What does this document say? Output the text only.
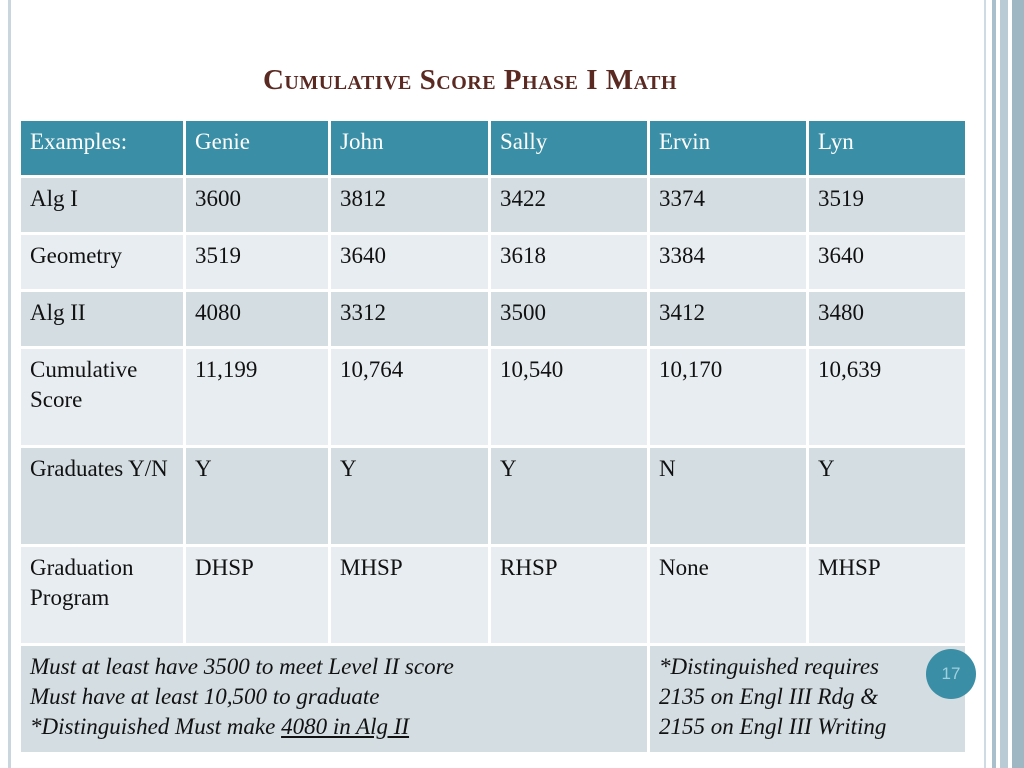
Cumulative Score Phase I Math
Examples:	Genie	John	Sally	Ervin	Lyn
Alg I	3600	3812	3422	3374	3519
Geometry	3519	3640	3618	3384	3640
Alg II	4080	3312	3500	3412	3480
Cumulative Score	11,199	10,764	10,540	10,170	10,639
Graduates Y/N	Y	Y	Y	N	Y
Graduation Program	DHSP	MHSP	RHSP	None	MHSP

Must at least have 3500 to meet Level II score
Must have at least 10,500 to graduate
*Distinguished Must make 4080 in Alg II				*Distinguished requires
2135 on Engl III Rdg &
2155 on Engl III Writing	
17
